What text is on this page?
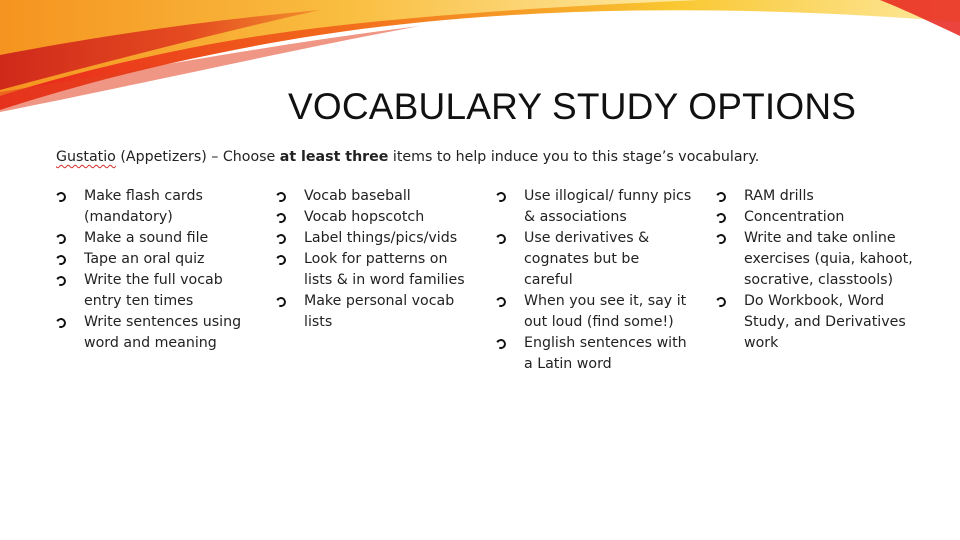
VOCABULARY STUDY OPTIONS
Gustatio (Appetizers) – Choose at least three items to help induce you to this stage’s vocabulary.
Make flash cards (mandatory)
Make a sound file
Tape an oral quiz
Write the full vocab entry ten times
Write sentences using word and meaning
Vocab baseball
Vocab hopscotch
Label things/pics/vids
Look for patterns on lists & in word families
Make personal vocab lists
Use illogical/ funny pics & associations
Use derivatives & cognates but be careful
When you see it, say it out loud (find some!)
English sentences with a Latin word
RAM drills
Concentration
Write and take online exercises (quia, kahoot, socrative, classtools)
Do Workbook, Word Study, and Derivatives work
